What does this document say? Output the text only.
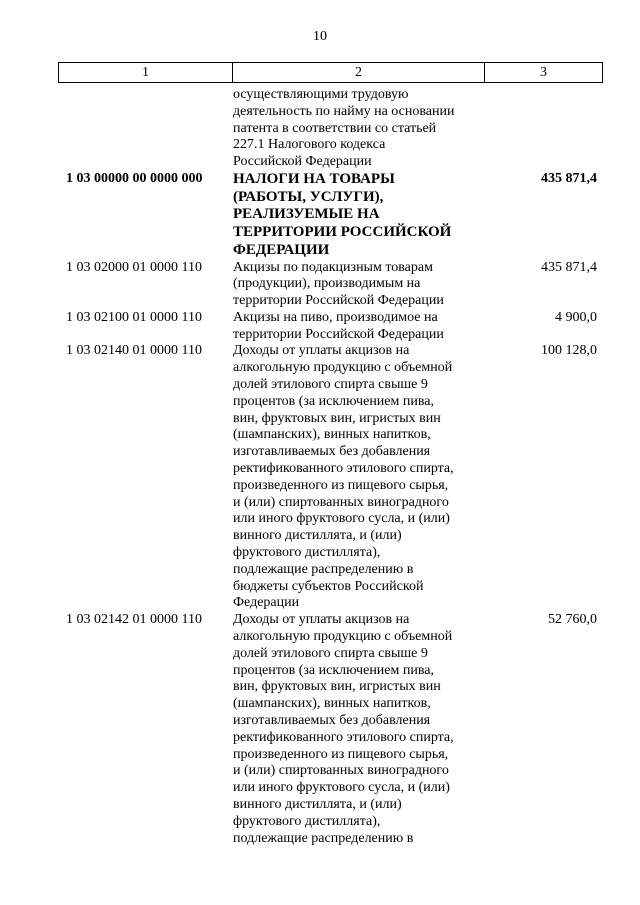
10
1	2	3
осуществляющими трудовую
деятельность по найму на основании
патента в соответствии со статьей
227.1 Налогового кодекса
Российской Федерации
1 03 00000 00 0000 000 НАЛОГИ НА ТОВАРЫ
(РАБОТЫ, УСЛУГИ),
РЕАЛИЗУЕМЫЕ НА
ТЕРРИТОРИИ РОССИЙСКОЙ
ФЕДЕРАЦИИ
435 871,4
1 03 02000 01 0000 110 Акцизы по подакцизным товарам
(продукции), производимым на
территории Российской Федерации
435 871,4
1 03 02100 01 0000 110 Акцизы на пиво, производимое на
территории Российской Федерации
4 900,0
1 03 02140 01 0000 110 Доходы от уплаты акцизов на
алкогольную продукцию с объемной
долей этилового спирта свыше 9
процентов (за исключением пива,
вин, фруктовых вин, игристых вин
(шампанских), винных напитков,
изготавливаемых без добавления
ректификованного этилового спирта,
произведенного из пищевого сырья,
и (или) спиртованных виноградного
или иного фруктового сусла, и (или)
винного дистиллята, и (или)
фруктового дистиллята),
подлежащие распределению в
бюджеты субъектов Российской
Федерации
100 128,0
1 03 02142 01 0000 110 Доходы от уплаты акцизов на
алкогольную продукцию с объемной
долей этилового спирта свыше 9
процентов (за исключением пива,
вин, фруктовых вин, игристых вин
(шампанских), винных напитков,
изготавливаемых без добавления
ректификованного этилового спирта,
произведенного из пищевого сырья,
и (или) спиртованных виноградного
или иного фруктового сусла, и (или)
винного дистиллята, и (или)
фруктового дистиллята),
подлежащие распределению в
52 760,0
